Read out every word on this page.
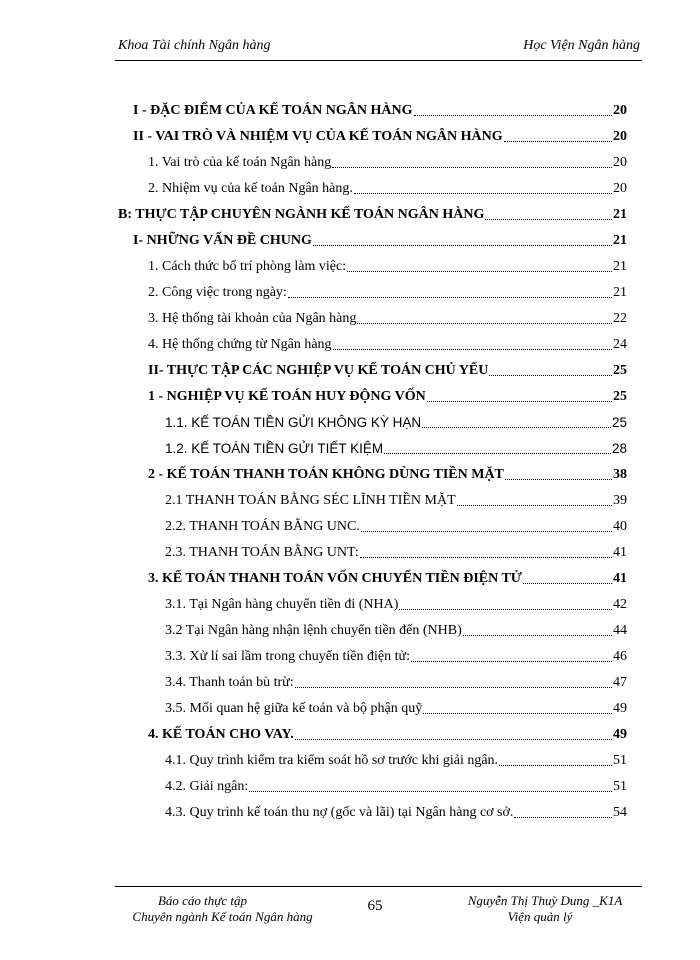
Khoa Tài chính Ngân hàng	Học Viện Ngân hàng
I - ĐẶC ĐIỂM CỦA KẾ TOÁN NGÂN HÀNG	20
II - VAI TRÒ VÀ NHIỆM VỤ CỦA KẾ TOÁN NGÂN HÀNG	20
1. Vai trò của kế toán Ngân hàng	20
2. Nhiệm vụ của kế toán Ngân hàng.	20
B: THỰC TẬP CHUYÊN NGÀNH KẾ TOÁN NGÂN HÀNG	21
I- NHỮNG VẤN ĐỀ CHUNG	21
1. Cách thức bố trí phòng làm việc:	21
2. Công việc trong ngày:	21
3. Hệ thống tài khoản của Ngân hàng	22
4. Hệ thống chứng từ Ngân hàng	24
II- THỰC TẬP CÁC NGHIỆP VỤ KẾ TOÁN CHỦ YẾU	25
1 - NGHIỆP VỤ KẾ TOÁN HUY ĐỘNG VỐN	25
1.1. KẾ TOÁN TIỀN GỬI KHÔNG KỲ HẠN	25
1.2. KẾ TOÁN TIỀN GỬI TIẾT KIỆM	28
2 - KẾ TOÁN THANH TOÁN KHÔNG DÙNG TIỀN MẶT	38
2.1 THANH TOÁN BẰNG SÉC LĨNH TIỀN MẶT	39
2.2. THANH TOÁN BẰNG UNC.	40
2.3. THANH TOÁN BẰNG UNT:	41
3. KẾ TOÁN THANH TOÁN VỐN CHUYỂN TIỀN ĐIỆN TỬ	41
3.1. Tại Ngân hàng chuyển tiền đi (NHA)	42
3.2 Tại Ngân hàng nhận lệnh chuyển tiền đến (NHB)	44
3.3. Xử lí sai lầm trong chuyển tiền điện tử:	46
3.4. Thanh toán bù trừ:	47
3.5. Mối quan hệ giữa kế toán và bộ phận quỹ	49
4. KẾ TOÁN CHO VAY.	49
4.1. Quy trình kiểm tra kiểm soát hồ sơ trước khi giải ngân.	51
4.2. Giải ngân:	51
4.3. Quy trình kế toán thu nợ (gốc và lãi) tại Ngân hàng cơ sở.	54
Báo cáo thực tập
Chuyên ngành Kế toán Ngân hàng
65	Nguyễn Thị Thuỳ Dung _K1A
Viện quản lý
